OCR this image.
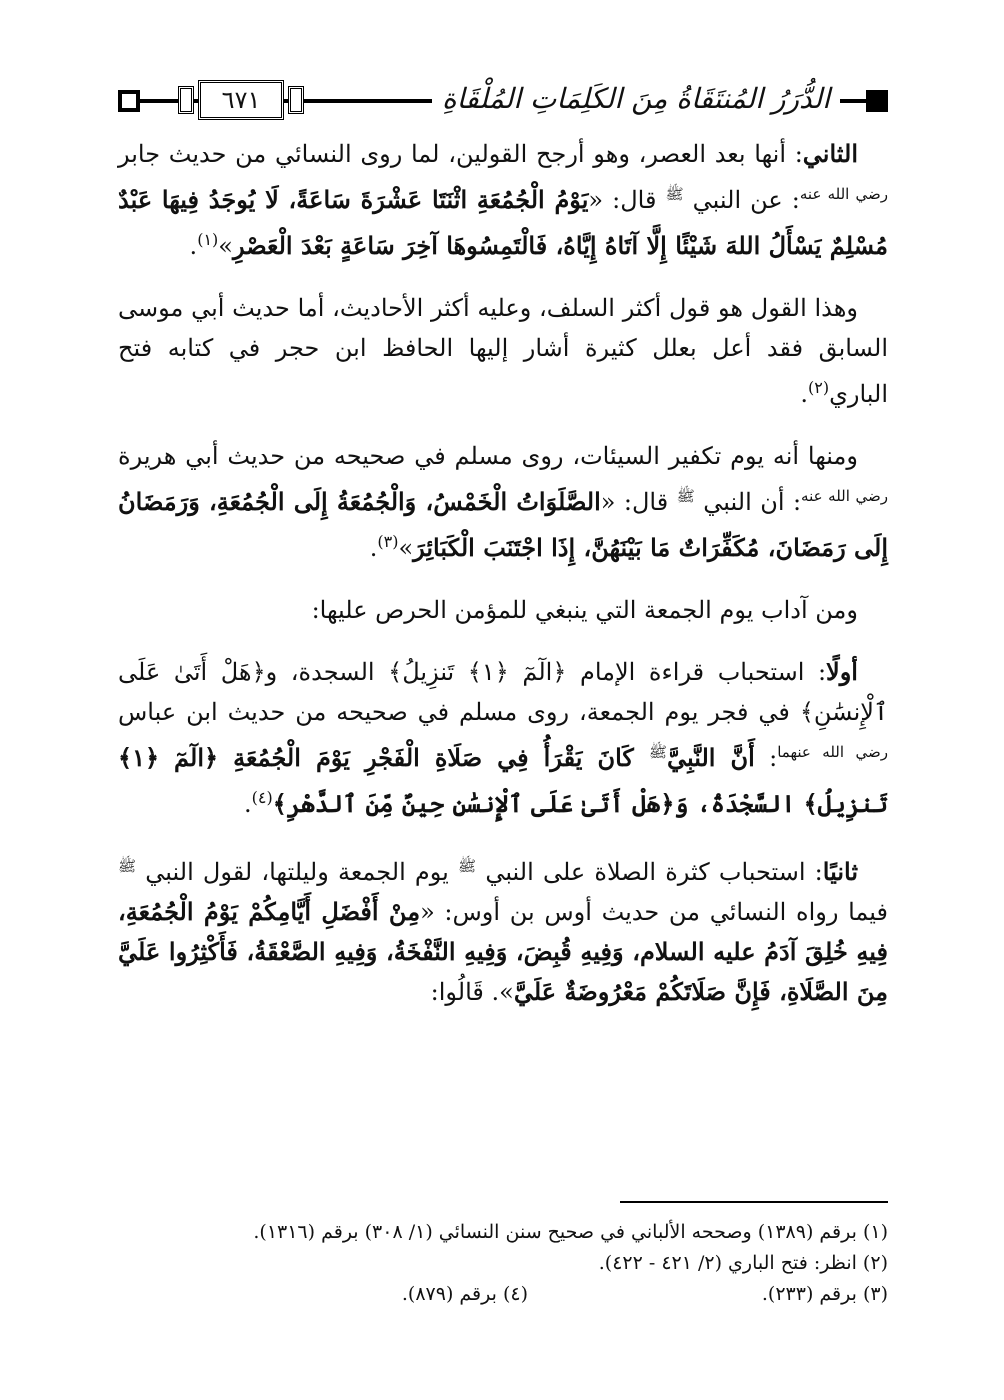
الدُّرَرُ المُنتَقَاةُ مِنَ الكَلِمَاتِ المُلْقَاةِ
٦٧١

الثاني: أنها بعد العصر، وهو أرجح القولين، لما روى النسائي من حديث جابر $^{رضي الله عنه}$: عن النبي $^ﷺ$ قال: «يَوْمُ الْجُمُعَةِ اثْنَتَا عَشْرَةَ سَاعَةً، لَا يُوجَدُ فِيهَا عَبْدٌ مُسْلِمٌ يَسْأَلُ اللهَ شَيْئًا إِلَّا آتَاهُ إِيَّاهُ، فَالْتَمِسُوهَا آخِرَ سَاعَةٍ بَعْدَ الْعَصْرِ»$^{(١)}$.

وهذا القول هو قول أكثر السلف، وعليه أكثر الأحاديث، أما حديث أبي موسى السابق فقد أعل بعلل كثيرة أشار إليها الحافظ ابن حجر في كتابه فتح الباري$^{(٢)}$.

ومنها أنه يوم تكفير السيئات، روى مسلم في صحيحه من حديث أبي هريرة $^{رضي الله عنه}$: أن النبي $^ﷺ$ قال: «الصَّلَوَاتُ الْخَمْسُ، وَالْجُمُعَةُ إِلَى الْجُمُعَةِ، وَرَمَضَانُ إِلَى رَمَضَانَ، مُكَفِّرَاتٌ مَا بَيْنَهُنَّ، إِذَا اجْتَنَبَ الْكَبَائِرَ»$^{(٣)}$.

ومن آداب يوم الجمعة التي ينبغي للمؤمن الحرص عليها:

أولًا: استحباب قراءة الإمام ﴿الٓمٓ ﴿١﴾ تَنزِيلُ﴾ السجدة، و﴿هَلْ أَتَىٰ عَلَى ٱلْإِنسَٰنِ﴾ في فجر يوم الجمعة، روى مسلم في صحيحه من حديث ابن عباس $^{رضي الله عنهما}$: أَنَّ النَّبِيَّ$^ﷺ$ كَانَ يَقْرَأُ فِي صَلَاةِ الْفَجْرِ يَوْمَ الْجُمُعَةِ ﴿الٓمٓ ﴿١﴾ تَنزِيلُ﴾ السَّجْدَةُ، وَ﴿هَلْ أَتَىٰ عَلَى ٱلْإِنسَٰنِ حِينٌ مِّنَ ٱلدَّهْرِ﴾$^{(٤)}$.

ثانيًا: استحباب كثرة الصلاة على النبي $^ﷺ$ يوم الجمعة وليلتها، لقول النبي $^ﷺ$ فيما رواه النسائي من حديث أوس بن أوس: «مِنْ أَفْضَلِ أَيَّامِكُمْ يَوْمُ الْجُمُعَةِ، فِيهِ خُلِقَ آدَمُ عليه السلام، وَفِيهِ قُبِضَ، وَفِيهِ النَّفْخَةُ، وَفِيهِ الصَّعْقَةُ، فَأَكْثِرُوا عَلَيَّ مِنَ الصَّلَاةِ، فَإِنَّ صَلَاتَكُمْ مَعْرُوضَةٌ عَلَيَّ». قَالُوا:

(١) برقم (١٣٨٩) وصححه الألباني في صحيح سنن النسائي (١/ ٣٠٨) برقم (١٣١٦).

(٢) انظر: فتح الباري (٢/ ٤٢١ - ٤٢٢).

(٣) برقم (٢٣٣).
(٤) برقم (٨٧٩).
